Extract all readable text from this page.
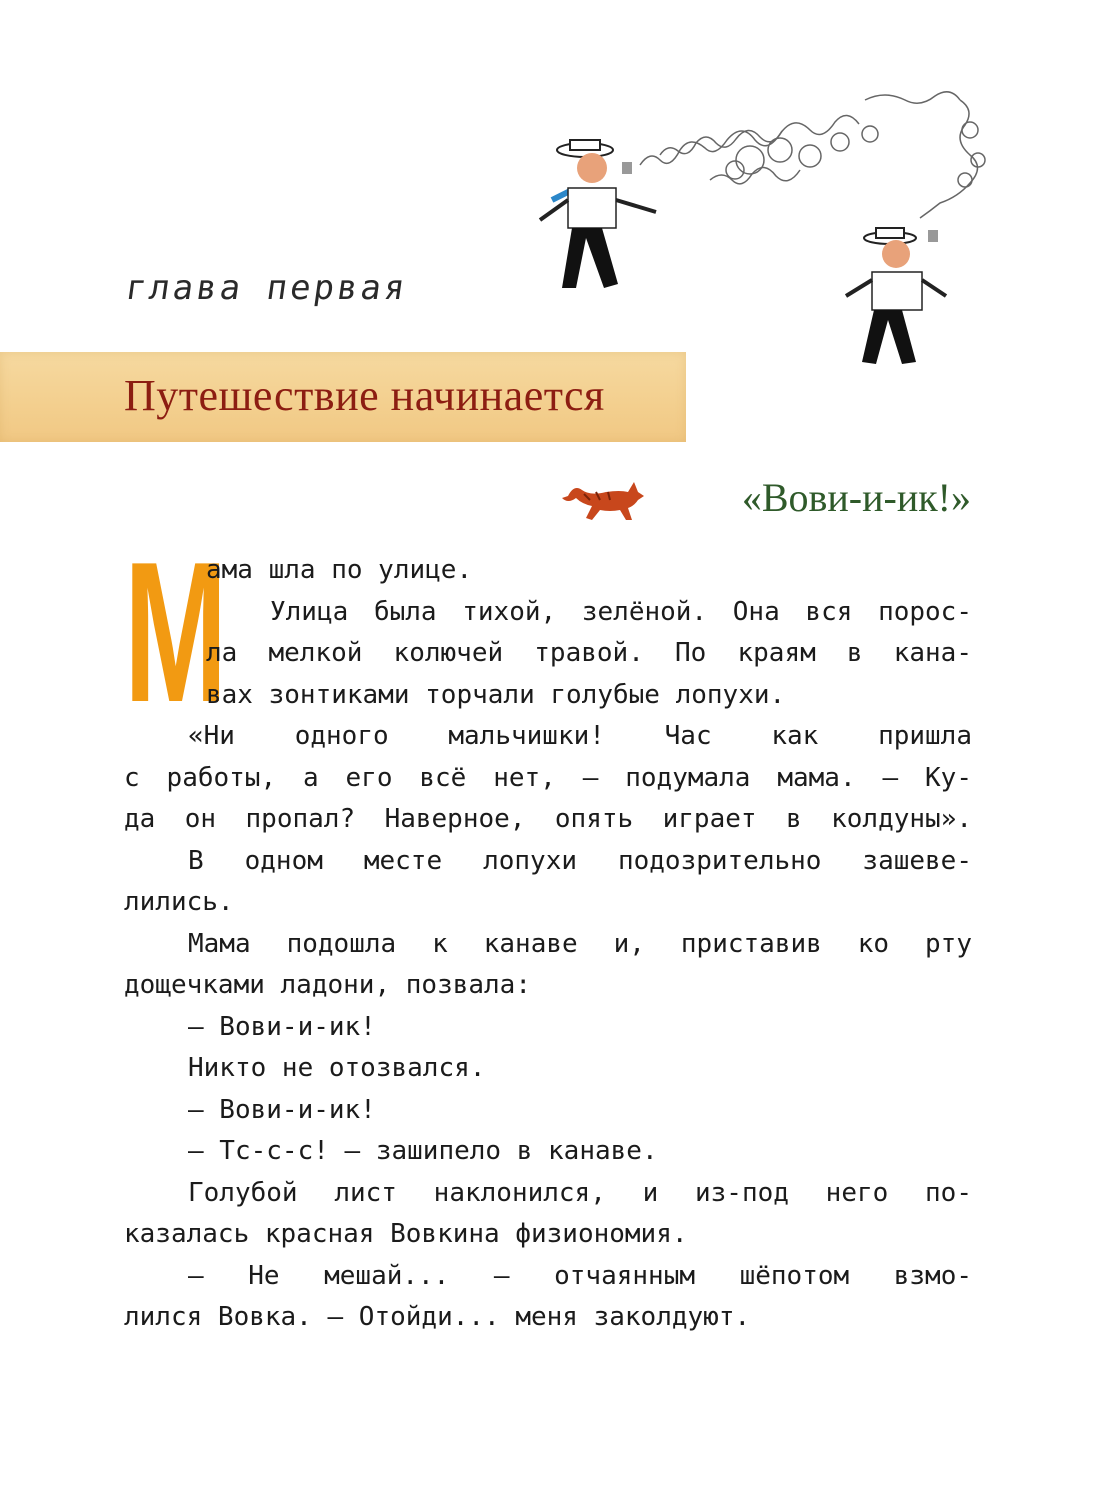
глава первая
Путешествие начинается
«Вови-и-ик!»
М
ама шла по улице.
Улица была тихой, зелёной. Она вся порос-
ла мелкой колючей травой. По краям в кана-
вах зонтиками торчали голубые лопухи.
«Ни одного мальчишки! Час как пришла
с работы, а его всё нет, — подумала мама. — Ку-
да он пропал? Наверное, опять играет в колдуны».
В одном месте лопухи подозрительно зашеве-
лились.
Мама подошла к канаве и, приставив ко рту
дощечками ладони, позвала:
— Вови-и-ик!
Никто не отозвался.
— Вови-и-ик!
— Тс-с-с! — зашипело в канаве.
Голубой лист наклонился, и из-под него по-
казалась красная Вовкина физиономия.
— Не мешай... — отчаянным шёпотом взмо-
лился Вовка. — Отойди... меня заколдуют.
